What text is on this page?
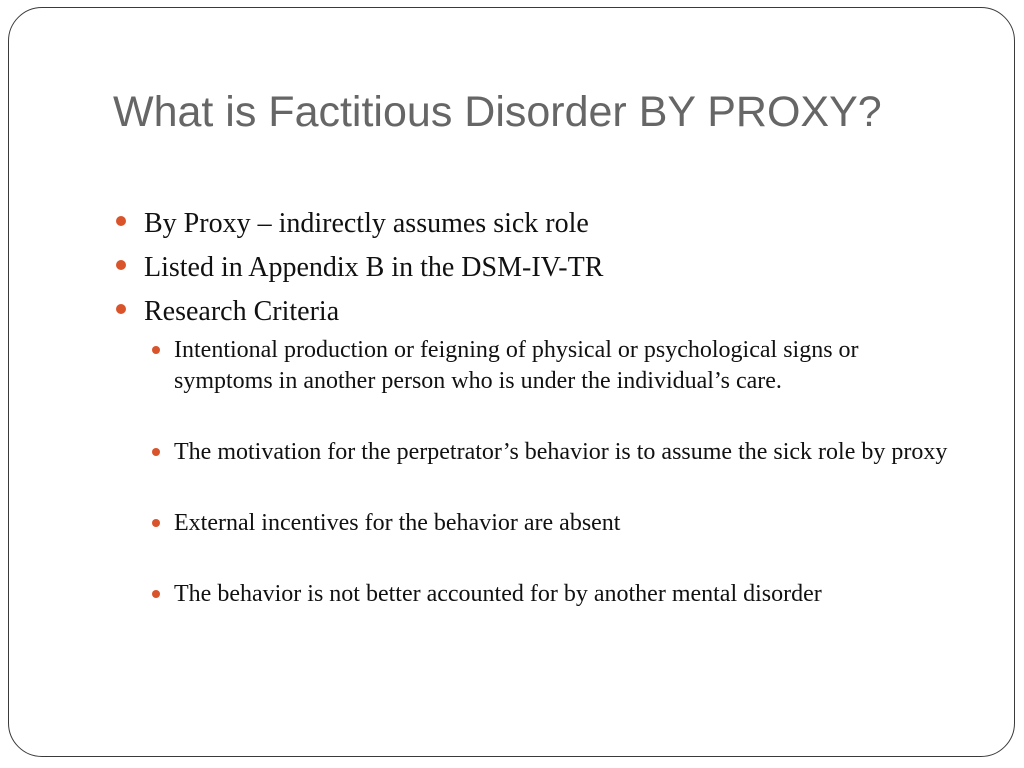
What is Factitious Disorder BY PROXY?
By Proxy – indirectly assumes sick role
Listed in Appendix B in the DSM-IV-TR
Research Criteria
Intentional production or feigning of physical or psychological signs or symptoms in another person who is under the individual’s care.
The motivation for the perpetrator’s behavior is to assume the sick role by proxy
External incentives for the behavior are absent
The behavior is not better accounted for by another mental disorder
